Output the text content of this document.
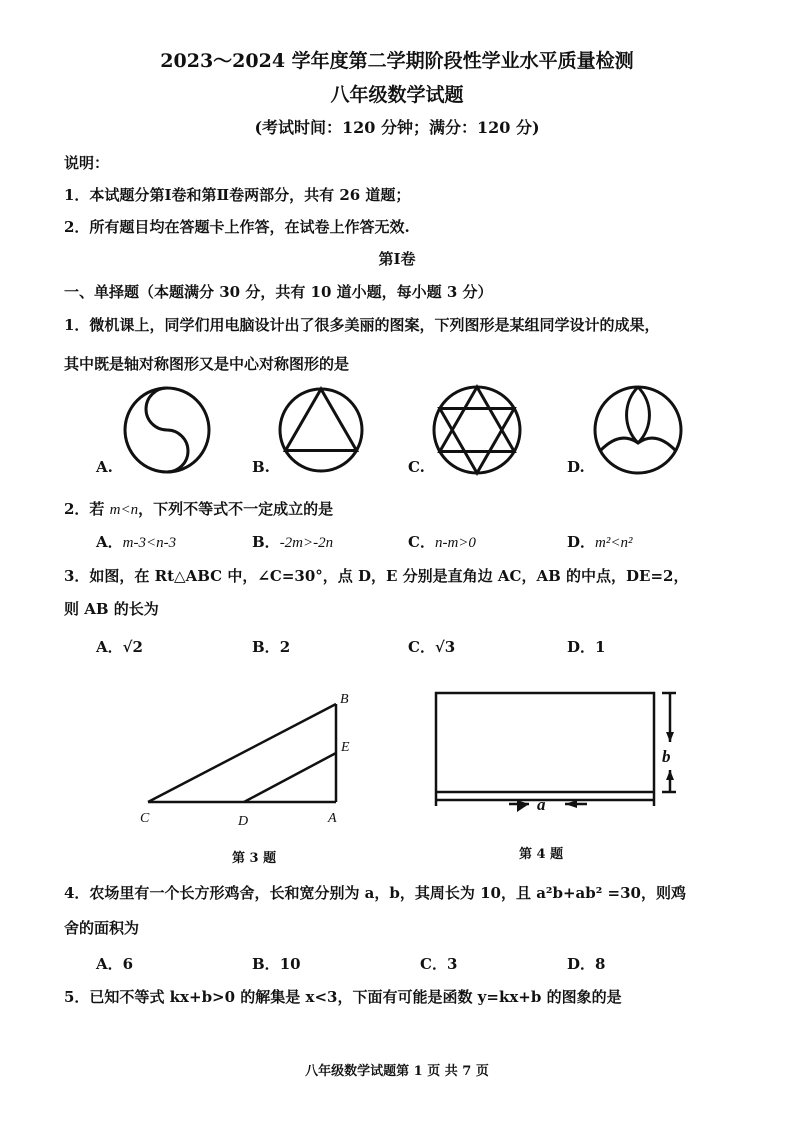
2023～2024 学年度第二学期阶段性学业水平质量检测
八年级数学试题
(考试时间：120 分钟；满分：120 分)
说明：
1．本试题分第Ⅰ卷和第Ⅱ卷两部分，共有 26 道题；
2．所有题目均在答题卡上作答，在试卷上作答无效.
第Ⅰ卷
一、单择题（本题满分 30 分，共有 10 道小题，每小题 3 分）
1．微机课上，同学们用电脑设计出了很多美丽的图案，下列图形是某组同学设计的成果，
其中既是轴对称图形又是中心对称图形的是
A.	B.	C.	D.
2．若 m<n，下列不等式不一定成立的是
A．m-3<n-3	B．-2m>-2n	C．n-m>0	D．m²<n²
3．如图，在 Rt△ABC 中，∠C=30°，点 D，E 分别是直角边 AC，AB 的中点，DE=2，
则 AB 的长为
A．√2	B．2	C．√3	D．1
B
E
C	D	A
第 3 题
a
b
第 4 题
4．农场里有一个长方形鸡舍，长和宽分别为 a，b，其周长为 10，且 a²b+ab² =30，则鸡
舍的面积为
A．6	B．10	C．3	D．8
5．已知不等式 kx+b>0 的解集是 x<3，下面有可能是函数 y=kx+b 的图象的是
八年级数学试题第 1 页 共 7 页
